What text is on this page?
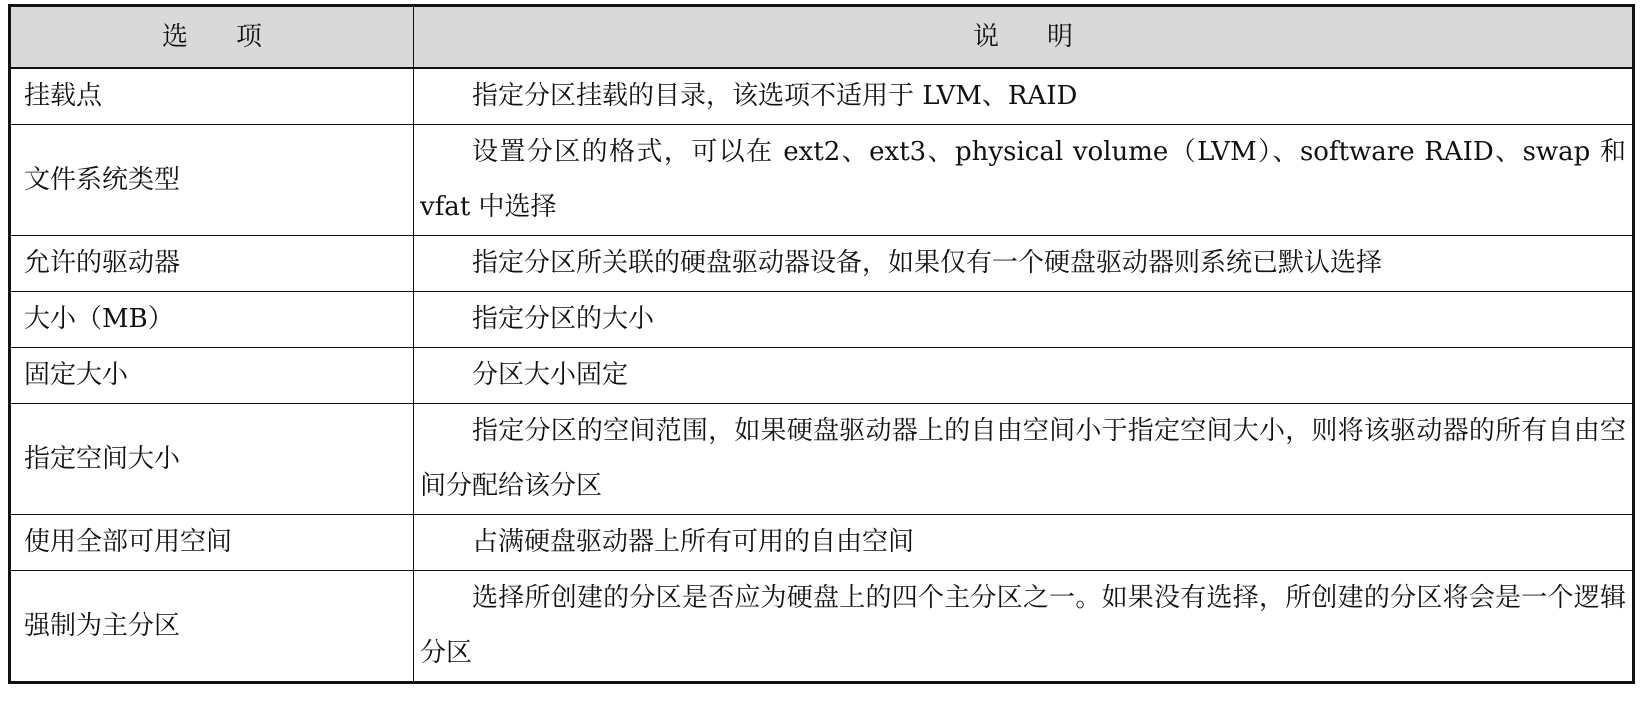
选项	说明
挂载点	指定分区挂载的目录，该选项不适用于 LVM、RAID
文件系统类型	设置分区的格式，可以在 ext2、ext3、physical volume（LVM）、software RAID、swap 和 vfat 中选择
允许的驱动器	指定分区所关联的硬盘驱动器设备，如果仅有一个硬盘驱动器则系统已默认选择
大小（MB）	指定分区的大小
固定大小	分区大小固定
指定空间大小	指定分区的空间范围，如果硬盘驱动器上的自由空间小于指定空间大小，则将该驱动器的所有自由空间分配给该分区
使用全部可用空间	占满硬盘驱动器上所有可用的自由空间
强制为主分区	选择所创建的分区是否应为硬盘上的四个主分区之一。如果没有选择，所创建的分区将会是一个逻辑分区
